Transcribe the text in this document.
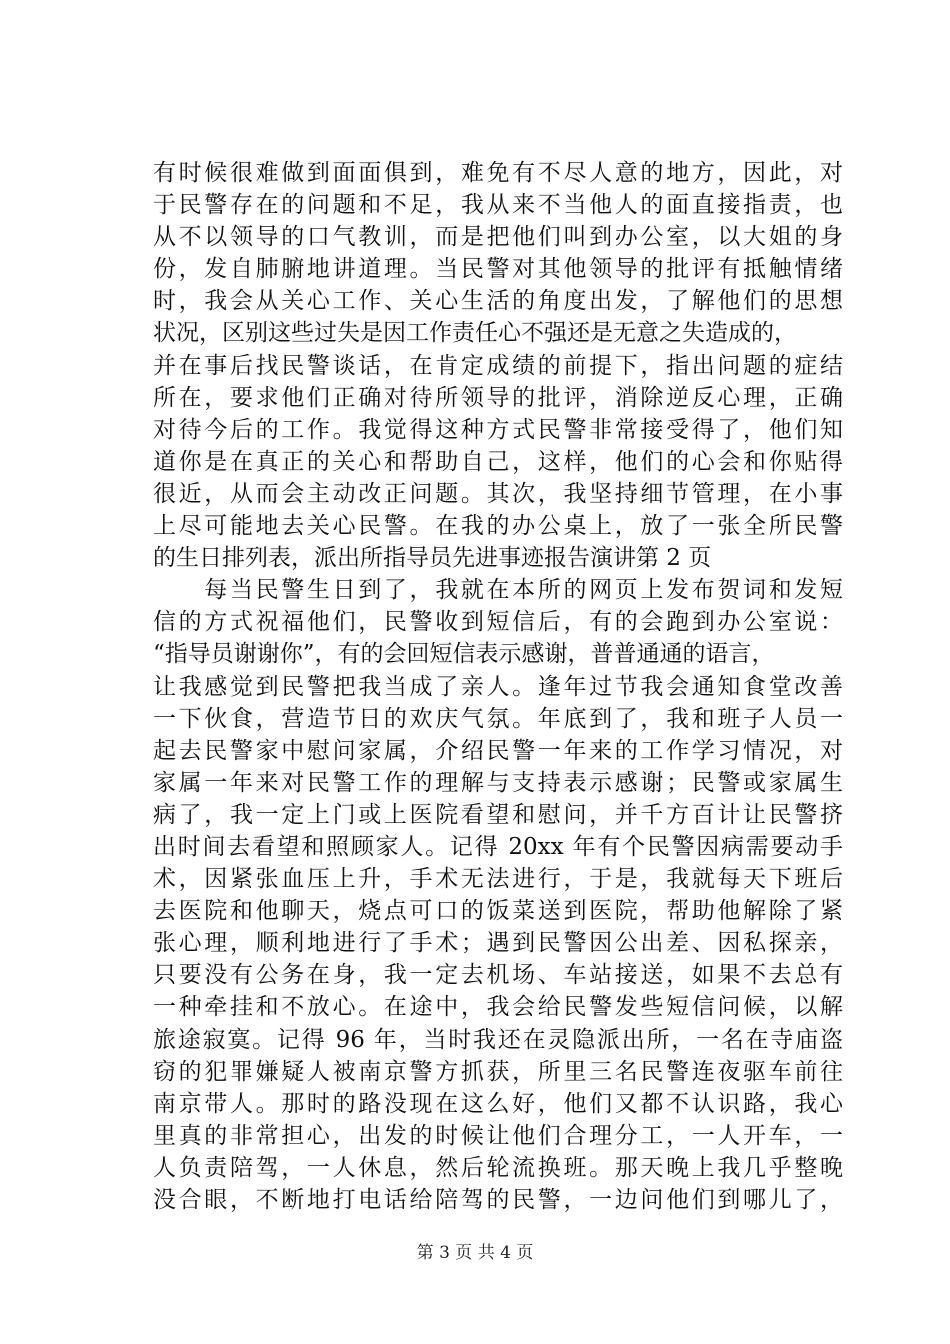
有时候很难做到面面俱到，难免有不尽人意的地方，因此，对
于民警存在的问题和不足，我从来不当他人的面直接指责，也
从不以领导的口气教训，而是把他们叫到办公室，以大姐的身
份，发自肺腑地讲道理。当民警对其他领导的批评有抵触情绪
时，我会从关心工作、关心生活的角度出发，了解他们的思想
状况，区别这些过失是因工作责任心不强还是无意之失造成的，
并在事后找民警谈话，在肯定成绩的前提下，指出问题的症结
所在，要求他们正确对待所领导的批评，消除逆反心理，正确
对待今后的工作。我觉得这种方式民警非常接受得了，他们知
道你是在真正的关心和帮助自己，这样，他们的心会和你贴得
很近，从而会主动改正问题。其次，我坚持细节管理，在小事
上尽可能地去关心民警。在我的办公桌上，放了一张全所民警
的生日排列表，派出所指导员先进事迹报告演讲第 2 页
　　每当民警生日到了，我就在本所的网页上发布贺词和发短
信的方式祝福他们，民警收到短信后，有的会跑到办公室说：
“指导员谢谢你”，有的会回短信表示感谢，普普通通的语言，
让我感觉到民警把我当成了亲人。逢年过节我会通知食堂改善
一下伙食，营造节日的欢庆气氛。年底到了，我和班子人员一
起去民警家中慰问家属，介绍民警一年来的工作学习情况，对
家属一年来对民警工作的理解与支持表示感谢；民警或家属生
病了，我一定上门或上医院看望和慰问，并千方百计让民警挤
出时间去看望和照顾家人。记得 20xx 年有个民警因病需要动手
术，因紧张血压上升，手术无法进行，于是，我就每天下班后
去医院和他聊天，烧点可口的饭菜送到医院，帮助他解除了紧
张心理，顺利地进行了手术；遇到民警因公出差、因私探亲，
只要没有公务在身，我一定去机场、车站接送，如果不去总有
一种牵挂和不放心。在途中，我会给民警发些短信问候，以解
旅途寂寞。记得 96 年，当时我还在灵隐派出所，一名在寺庙盗
窃的犯罪嫌疑人被南京警方抓获，所里三名民警连夜驱车前往
南京带人。那时的路没现在这么好，他们又都不认识路，我心
里真的非常担心，出发的时候让他们合理分工，一人开车，一
人负责陪驾，一人休息，然后轮流换班。那天晚上我几乎整晚
没合眼，不断地打电话给陪驾的民警，一边问他们到哪儿了，
第 3 页 共 4 页
